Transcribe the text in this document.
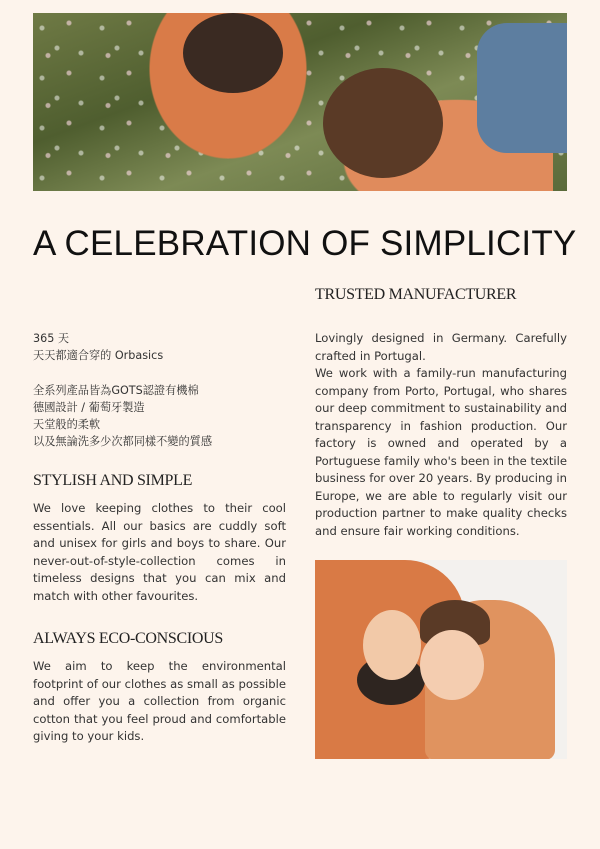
A CELEBRATION OF SIMPLICITY
TRUSTED MANUFACTURER

365 天

天天都適合穿的 Orbasics

全系列產品皆為GOTS認證有機棉

德國設計 / 葡萄牙製造

天堂般的柔軟

以及無論洗多少次都同樣不變的質感

STYLISH AND SIMPLE

We love keeping clothes to their cool essentials. All our basics are cuddly soft and unisex for girls and boys to share. Our never-out-of-style-collection comes in timeless designs that you can mix and match with other favourites.

ALWAYS ECO-CONSCIOUS

We aim to keep the environmental footprint of our clothes as small as possible and offer you a collection from organic cotton that you feel proud and comfortable giving to your kids.

Lovingly designed in Germany. Carefully crafted in Portugal.

We work with a family-run manufacturing company from Porto, Portugal, who shares our deep commitment to sustainability and transparency in fashion production. Our factory is owned and operated by a Portuguese family who's been in the textile business for over 20 years. By producing in Europe, we are able to regularly visit our production partner to make quality checks and ensure fair working conditions.
